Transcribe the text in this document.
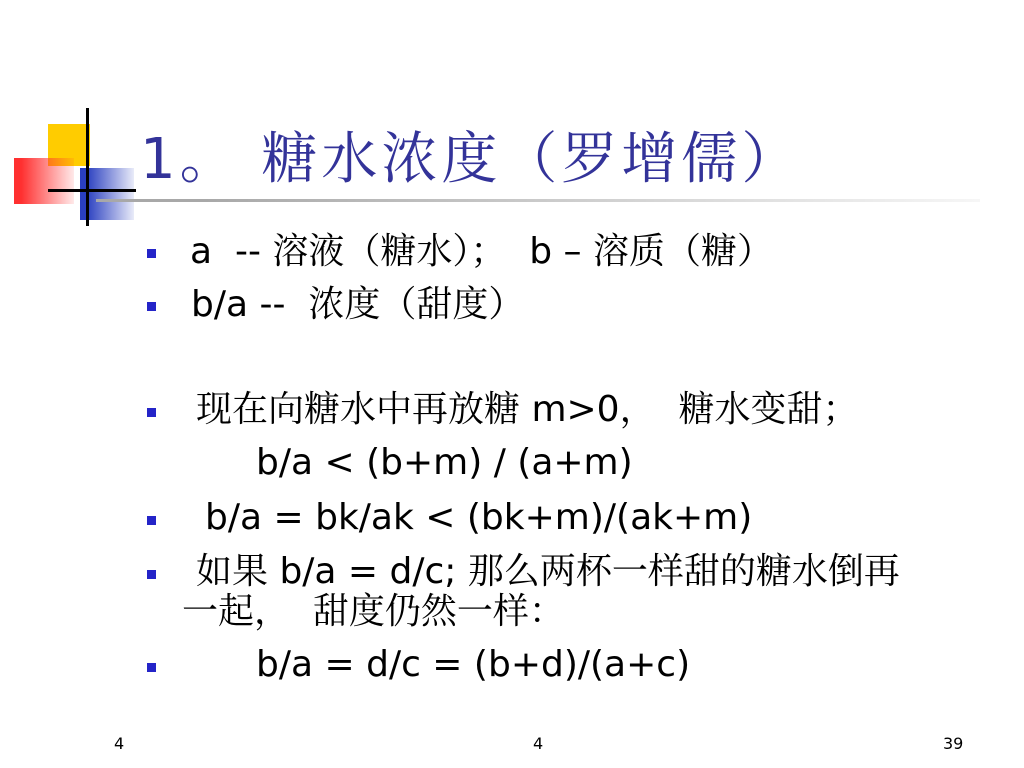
1。 糖水浓度（罗增儒）
a  -- 溶液（糖水）；  b – 溶质（糖）
b/a --  浓度（甜度）
现在向糖水中再放糖 m>0，  糖水变甜；
b/a < (b+m) / (a+m)
b/a = bk/ak < (bk+m)/(ak+m)
如果 b/a = d/c; 那么两杯一样甜的糖水倒再
一起，  甜度仍然一样：
b/a = d/c = (b+d)/(a+c)
4	4	39
